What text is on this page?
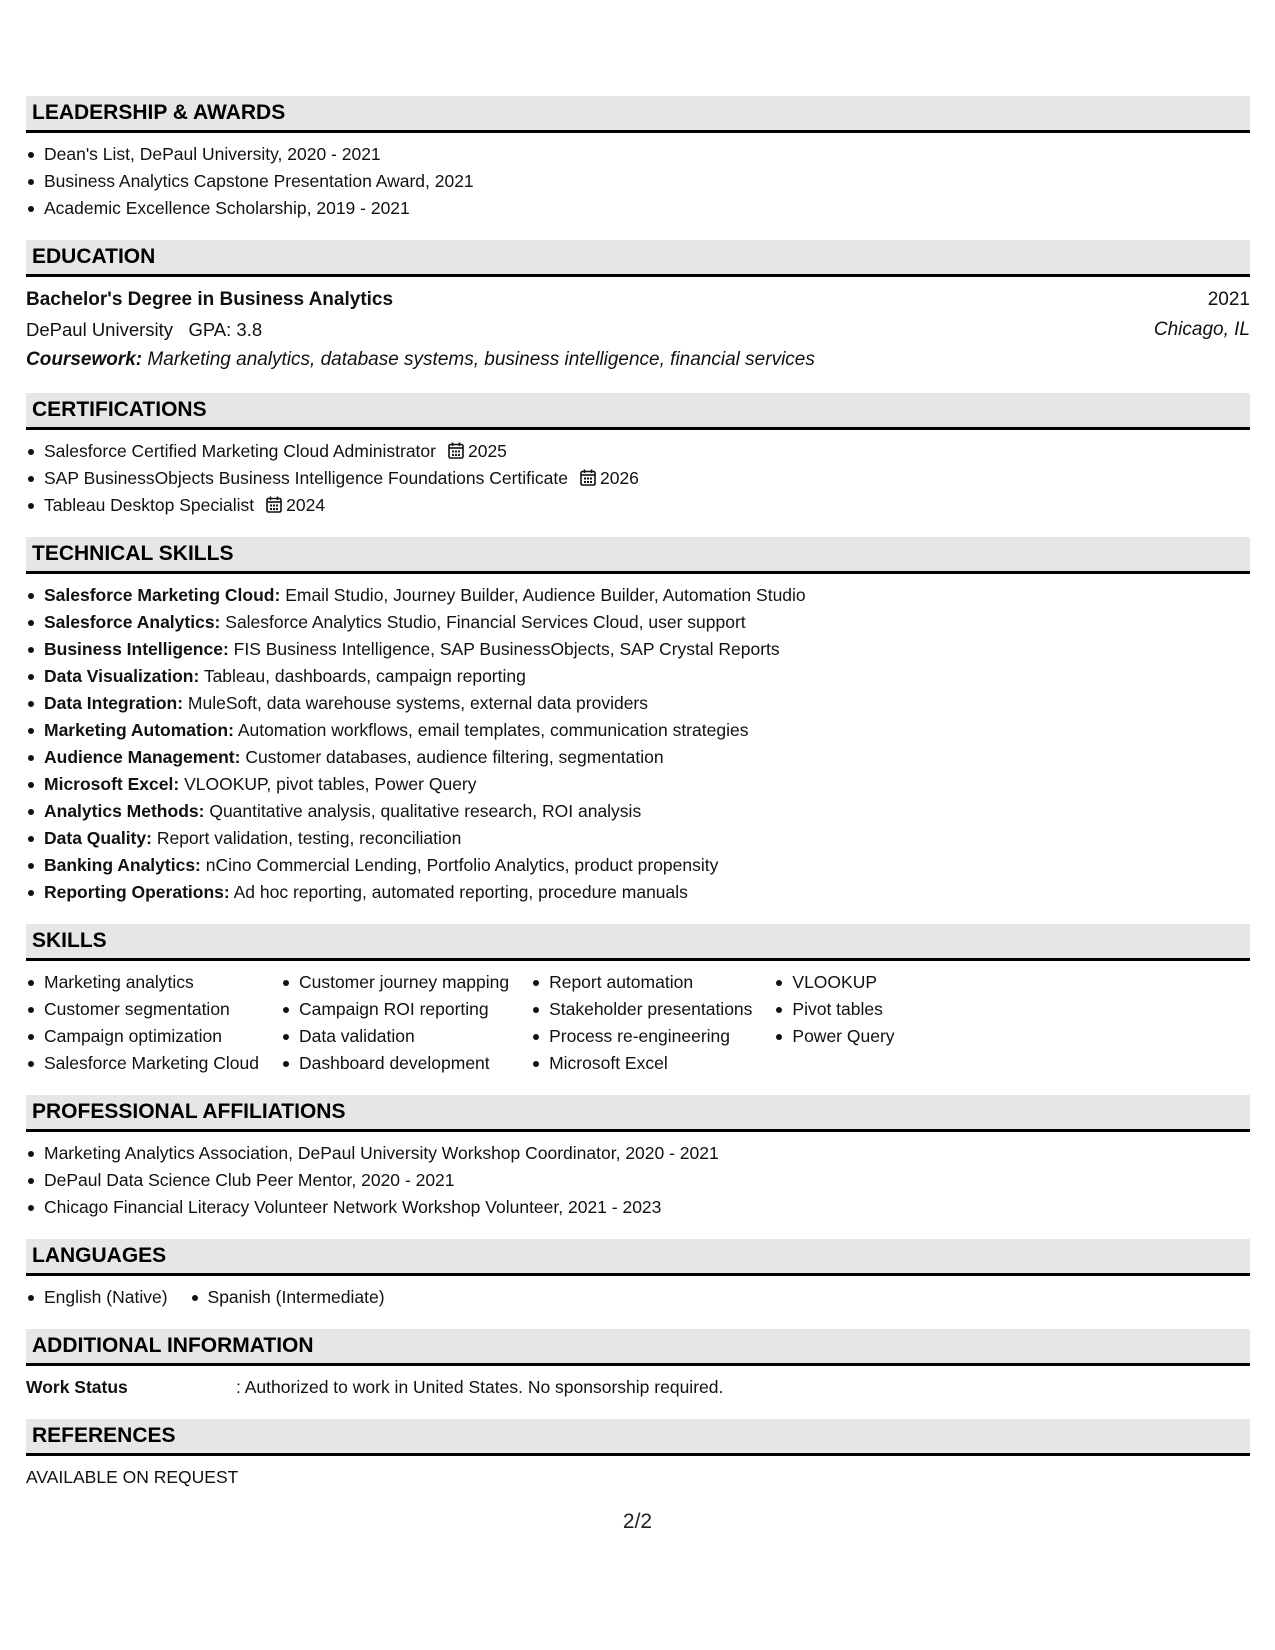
LEADERSHIP & AWARDS
Dean's List, DePaul University, 2020 - 2021
Business Analytics Capstone Presentation Award, 2021
Academic Excellence Scholarship, 2019 - 2021
EDUCATION
Bachelor's Degree in Business Analytics	2021
DePaul University GPA: 3.8	Chicago, IL
Coursework: Marketing analytics, database systems, business intelligence, financial services
CERTIFICATIONS
Salesforce Certified Marketing Cloud Administrator 2025
SAP BusinessObjects Business Intelligence Foundations Certificate 2026
Tableau Desktop Specialist 2024
TECHNICAL SKILLS
Salesforce Marketing Cloud: Email Studio, Journey Builder, Audience Builder, Automation Studio
Salesforce Analytics: Salesforce Analytics Studio, Financial Services Cloud, user support
Business Intelligence: FIS Business Intelligence, SAP BusinessObjects, SAP Crystal Reports
Data Visualization: Tableau, dashboards, campaign reporting
Data Integration: MuleSoft, data warehouse systems, external data providers
Marketing Automation: Automation workflows, email templates, communication strategies
Audience Management: Customer databases, audience filtering, segmentation
Microsoft Excel: VLOOKUP, pivot tables, Power Query
Analytics Methods: Quantitative analysis, qualitative research, ROI analysis
Data Quality: Report validation, testing, reconciliation
Banking Analytics: nCino Commercial Lending, Portfolio Analytics, product propensity
Reporting Operations: Ad hoc reporting, automated reporting, procedure manuals
SKILLS
Marketing analytics
Customer segmentation
Campaign optimization
Salesforce Marketing Cloud
Customer journey mapping
Campaign ROI reporting
Data validation
Dashboard development
Report automation
Stakeholder presentations
Process re-engineering
Microsoft Excel
VLOOKUP
Pivot tables
Power Query
PROFESSIONAL AFFILIATIONS
Marketing Analytics Association, DePaul University Workshop Coordinator, 2020 - 2021
DePaul Data Science Club Peer Mentor, 2020 - 2021
Chicago Financial Literacy Volunteer Network Workshop Volunteer, 2021 - 2023
LANGUAGES
English (Native)	Spanish (Intermediate)
ADDITIONAL INFORMATION
Work Status	: Authorized to work in United States. No sponsorship required.
REFERENCES
AVAILABLE ON REQUEST
2/2
